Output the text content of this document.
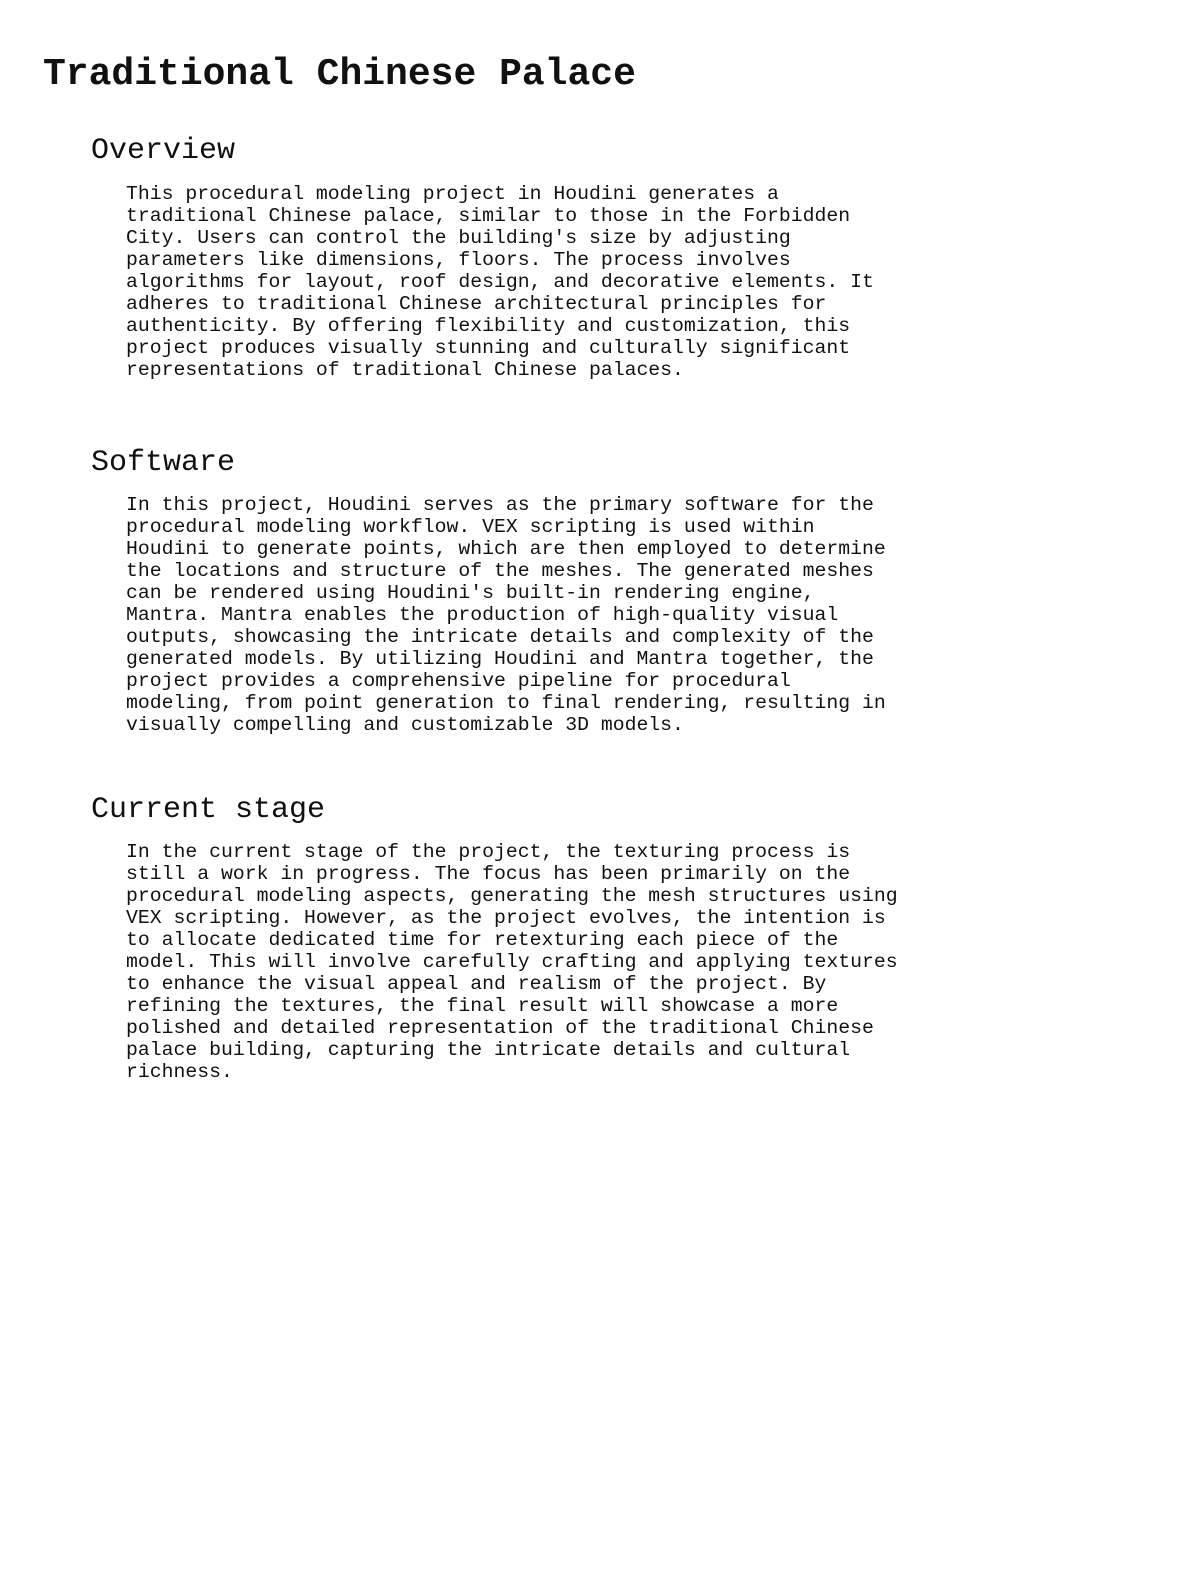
Traditional Chinese Palace
Overview

This procedural modeling project in Houdini generates a
traditional Chinese palace, similar to those in the Forbidden
City. Users can control the building's size by adjusting
parameters like dimensions, floors. The process involves
algorithms for layout, roof design, and decorative elements. It
adheres to traditional Chinese architectural principles for
authenticity. By offering flexibility and customization, this
project produces visually stunning and culturally significant
representations of traditional Chinese palaces.

Software

In this project, Houdini serves as the primary software for the
procedural modeling workflow. VEX scripting is used within
Houdini to generate points, which are then employed to determine
the locations and structure of the meshes. The generated meshes
can be rendered using Houdini's built-in rendering engine,
Mantra. Mantra enables the production of high-quality visual
outputs, showcasing the intricate details and complexity of the
generated models. By utilizing Houdini and Mantra together, the
project provides a comprehensive pipeline for procedural
modeling, from point generation to final rendering, resulting in
visually compelling and customizable 3D models.

Current stage

In the current stage of the project, the texturing process is
still a work in progress. The focus has been primarily on the
procedural modeling aspects, generating the mesh structures using
VEX scripting. However, as the project evolves, the intention is
to allocate dedicated time for retexturing each piece of the
model. This will involve carefully crafting and applying textures
to enhance the visual appeal and realism of the project. By
refining the textures, the final result will showcase a more
polished and detailed representation of the traditional Chinese
palace building, capturing the intricate details and cultural
richness.
